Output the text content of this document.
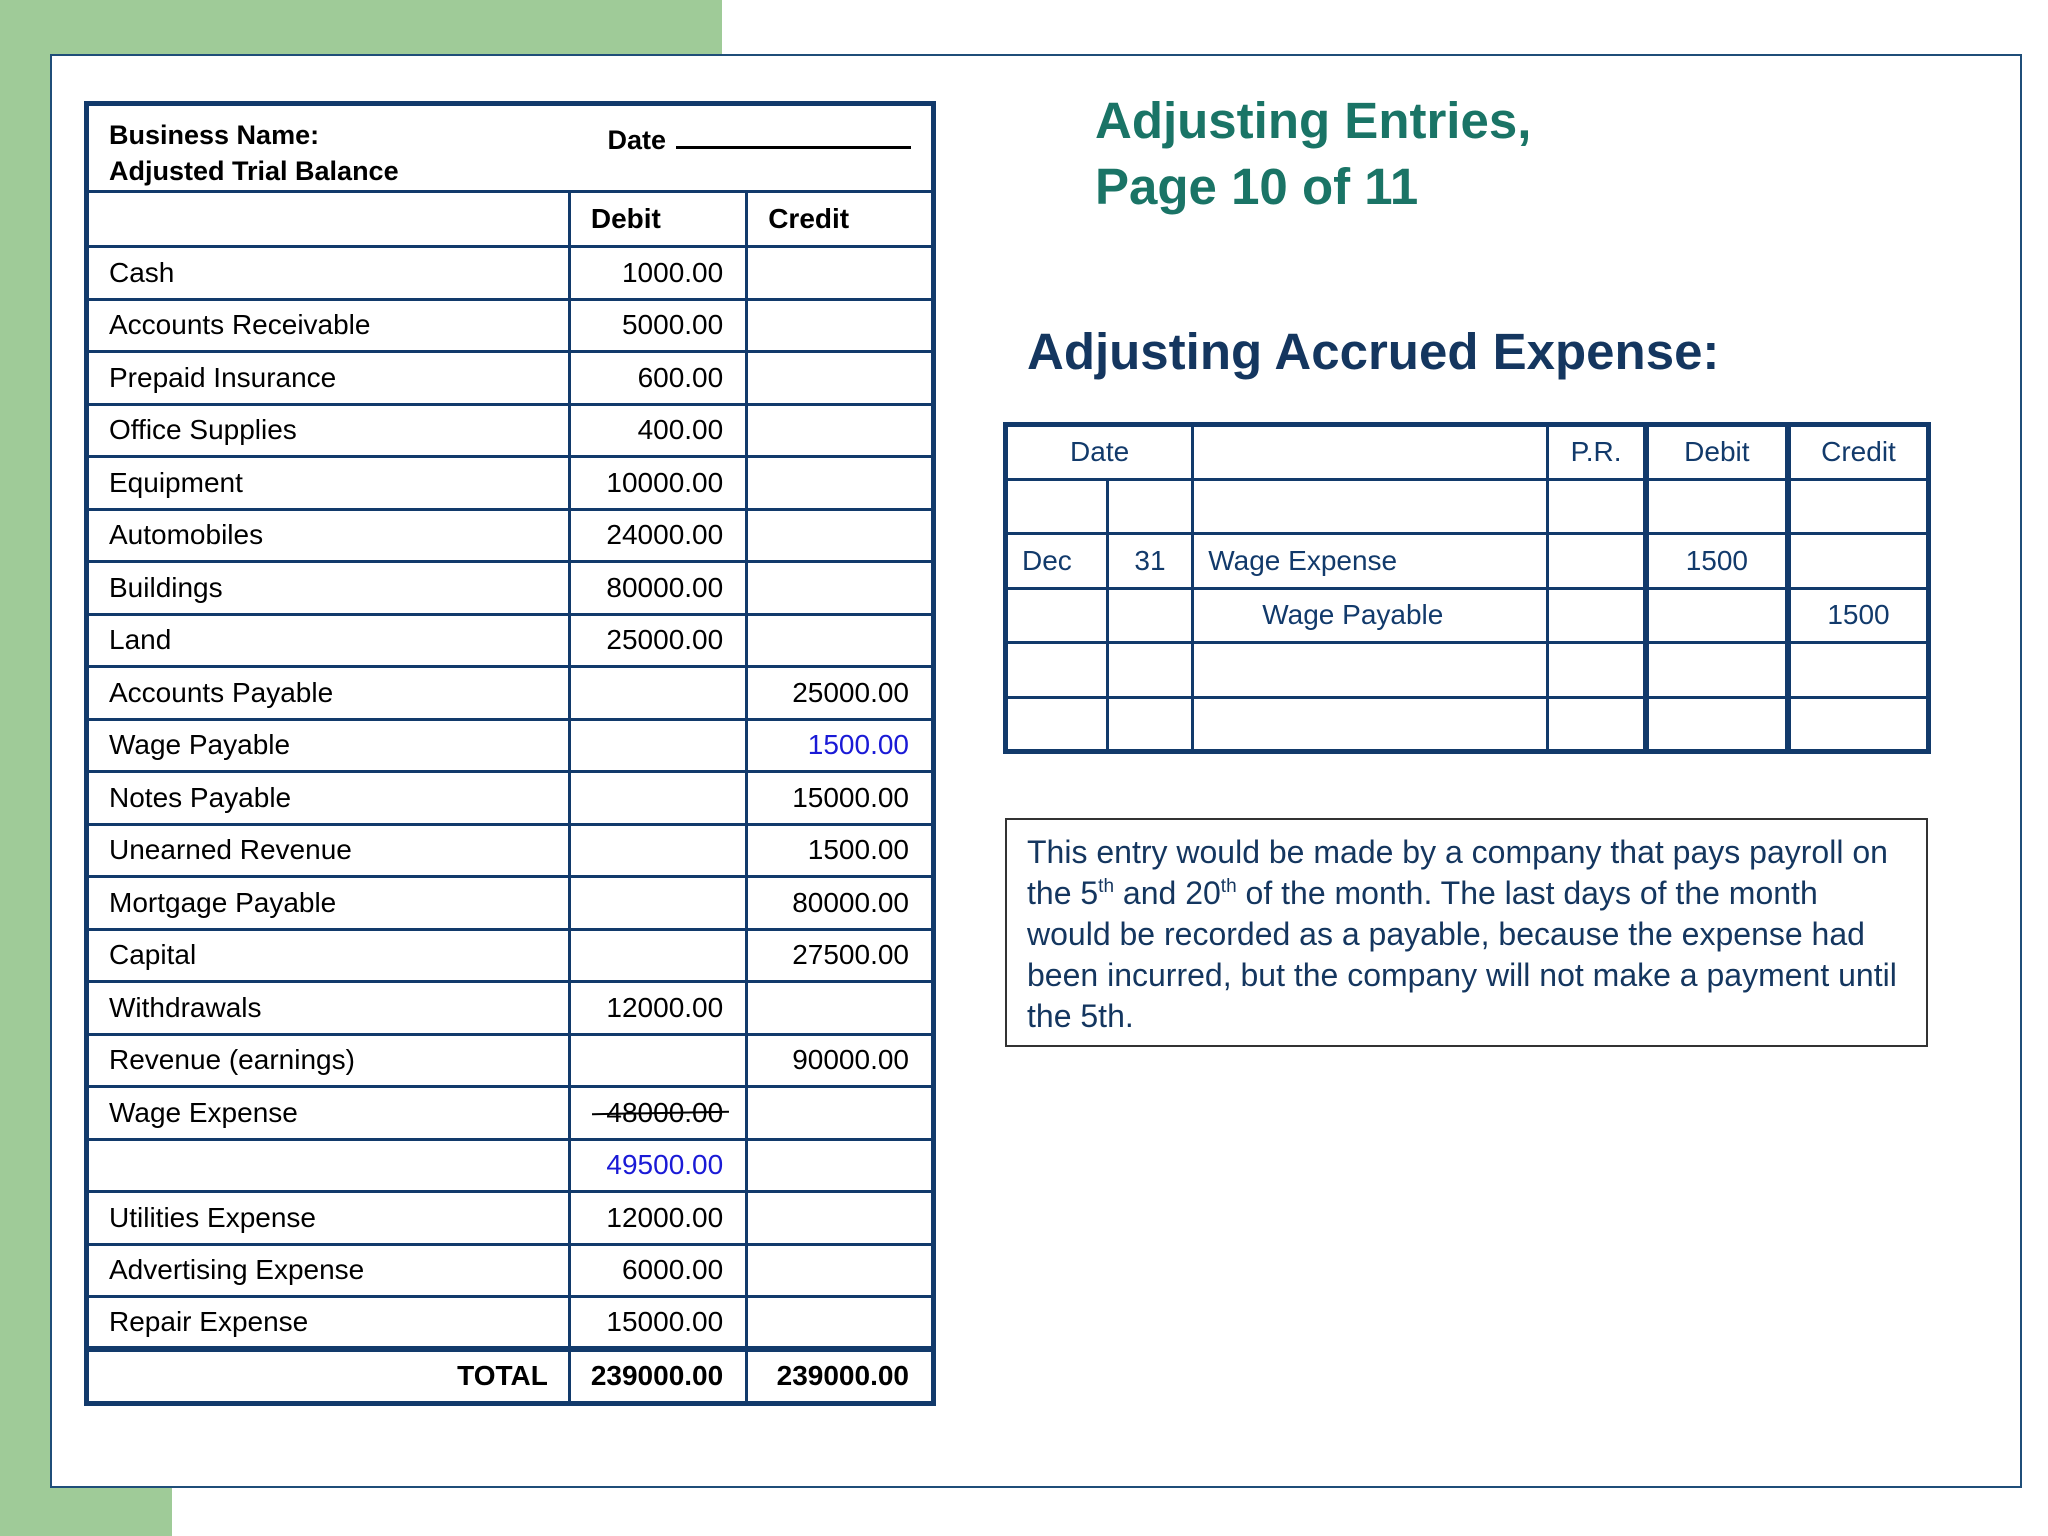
Business Name: Date
Adjusted Trial Balance		

	Debit	Credit
Cash	1000.00	
Accounts Receivable	5000.00	
Prepaid Insurance	600.00	
Office Supplies	400.00	
Equipment	10000.00	
Automobiles	24000.00	
Buildings	80000.00	
Land	25000.00	
Accounts Payable		25000.00
Wage Payable		1500.00
Notes Payable		15000.00
Unearned Revenue		1500.00
Mortgage Payable		80000.00
Capital		27500.00
Withdrawals	12000.00	
Revenue (earnings)		90000.00
Wage Expense	48000.00	
	49500.00	
Utilities Expense	12000.00	
Advertising Expense	6000.00	
Repair Expense	15000.00	
TOTAL	239000.00	239000.00
Adjusting Entries,
Page 10 of 11
Adjusting Accrued Expense:
Date			P.R.	Debit	Credit

Dec	31	Wage Expense		1500	
		Wage Payable			1500

This entry would be made by a company that pays payroll on the 5th and 20th of the month. The last days of the month would be recorded as a payable, because the expense had been incurred, but the company will not make a payment until the 5th.
